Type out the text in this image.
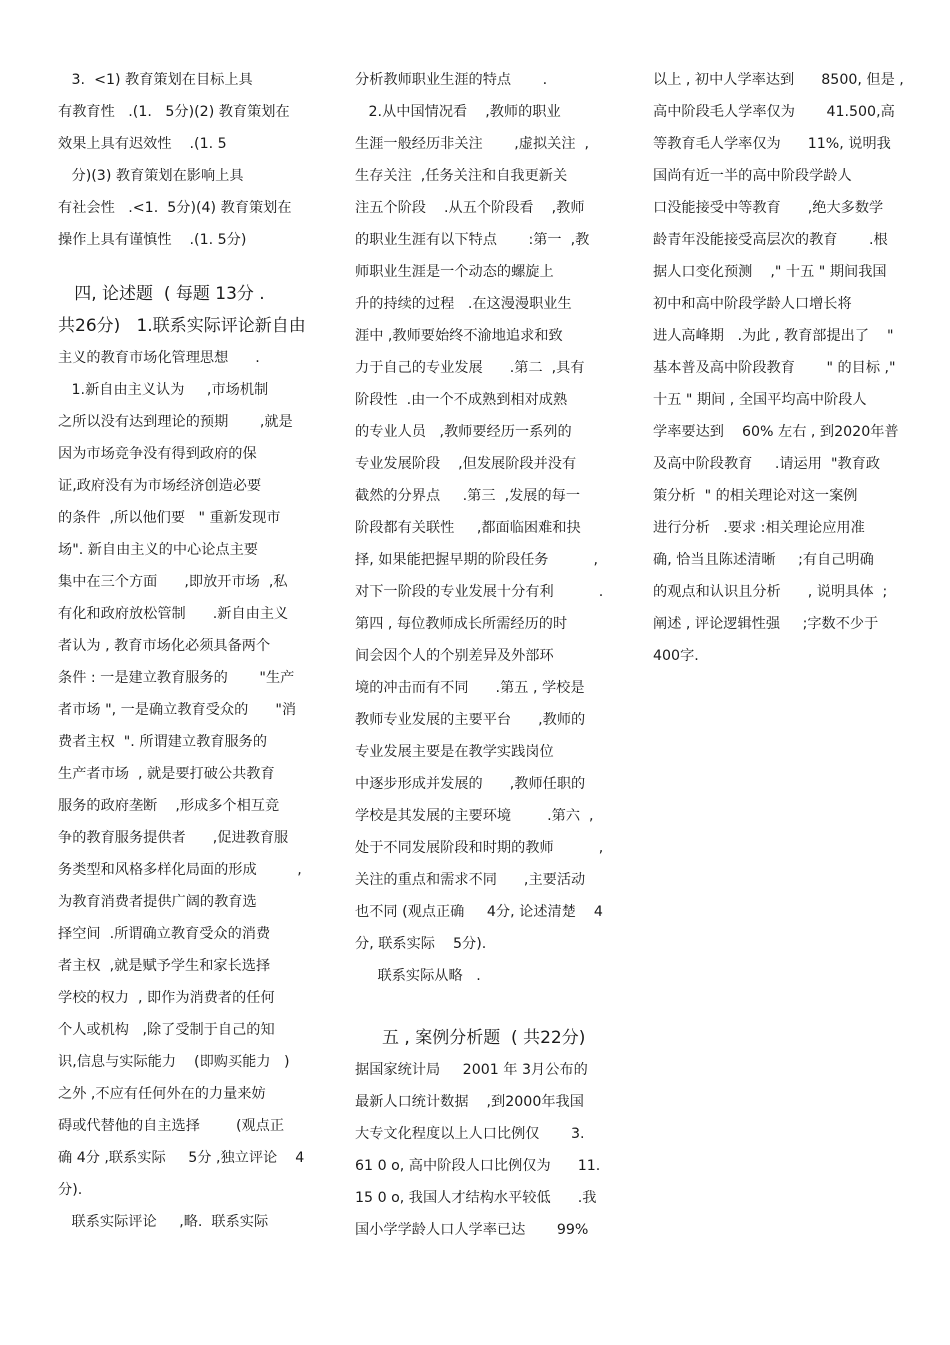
3.  <1) 教育策划在目标上具
有教育性   .(1.   5分)(2) 教育策划在
效果上具有迟效性    .(1. 5
分)(3) 教育策划在影响上具
有社会性   .<1.  5分)(4) 教育策划在
操作上具有谨慎性    .(1. 5分)
四, 论述题  ( 每题 13分 .
共26分)   1.联系实际评论新自由
主义的教育市场化管理思想      .
1.新自由主义认为     ,市场机制
之所以没有达到理论的预期       ,就是
因为市场竞争没有得到政府的保
证,政府没有为市场经济创造必要
的条件  ,所以他们要   " 重新发现市
场". 新自由主义的中心论点主要
集中在三个方面      ,即放开市场  ,私
有化和政府放松管制      .新自由主义
者认为 , 教育市场化必须具备两个
条件 : 一是建立教育服务的       "生产
者市场 ", 一是确立教育受众的      "消
费者主权  ". 所谓建立教育服务的
生产者市场  , 就是要打破公共教育
服务的政府垄断    ,形成多个相互竞
争的教育服务提供者      ,促进教育服
务类型和风格多样化局面的形成         ,
为教育消费者提供广阔的教育选
择空间  .所谓确立教育受众的消费
者主权  ,就是赋予学生和家长选择
学校的权力  , 即作为消费者的任何
个人或机构   ,除了受制于自己的知
识,信息与实际能力    (即购买能力   )
之外 ,不应有任何外在的力量来妨
碍或代替他的自主选择        (观点正
确 4分 ,联系实际     5分 ,独立评论    4
分).
联系实际评论     ,略.  联系实际
分析教师职业生涯的特点       .
2.从中国情况看    ,教师的职业
生涯一般经历非关注       ,虚拟关注  ,
生存关注  ,任务关注和自我更新关
注五个阶段    .从五个阶段看    ,教师
的职业生涯有以下特点       :第一  ,教
师职业生涯是一个动态的螺旋上
升的持续的过程   .在这漫漫职业生
涯中 ,教师要始终不渝地追求和致
力于自己的专业发展      .第二  ,具有
阶段性  .由一个不成熟到相对成熟
的专业人员   ,教师要经历一系列的
专业发展阶段    ,但发展阶段并没有
截然的分界点     .第三  ,发展的每一
阶段都有关联性     ,都面临困难和抉
择, 如果能把握早期的阶段任务          ,
对下一阶段的专业发展十分有利          .
第四 , 每位教师成长所需经历的时
间会因个人的个别差异及外部环
境的冲击而有不同      .第五 , 学校是
教师专业发展的主要平台      ,教师的
专业发展主要是在教学实践岗位
中逐步形成并发展的      ,教师任职的
学校是其发展的主要环境        .第六  ,
处于不同发展阶段和时期的教师          ,
关注的重点和需求不同      ,主要活动
也不同 (观点正确     4分, 论述清楚    4
分, 联系实际    5分).
联系实际从略   .
五 , 案例分析题  ( 共22分)
据国家统计局     2001 年 3月公布的
最新人口统计数据    ,到2000年我国
大专文化程度以上人口比例仅       3.
61 0 o, 高中阶段人口比例仅为      11.
15 0 o, 我国人才结构水平较低      .我
国小学学龄人口人学率已达       99%
以上 , 初中人学率达到      8500, 但是 ,
高中阶段毛人学率仅为       41.500,高
等教育毛人学率仅为      11%, 说明我
国尚有近一半的高中阶段学龄人
口没能接受中等教育      ,绝大多数学
龄青年没能接受高层次的教育       .根
据人口变化预测    ," 十五 " 期间我国
初中和高中阶段学龄人口增长将
进人高峰期   .为此 , 教育部提出了    "
基本普及高中阶段教育       " 的目标 ,"
十五 " 期间 , 全国平均高中阶段人
学率要达到    60% 左右 , 到2020年普
及高中阶段教育     .请运用  "教育政
策分析  " 的相关理论对这一案例
进行分析   .要求 :相关理论应用准
确, 恰当且陈述清晰     ;有自己明确
的观点和认识且分析      , 说明具体  ;
阐述 , 评论逻辑性强     ;字数不少于
400字.
